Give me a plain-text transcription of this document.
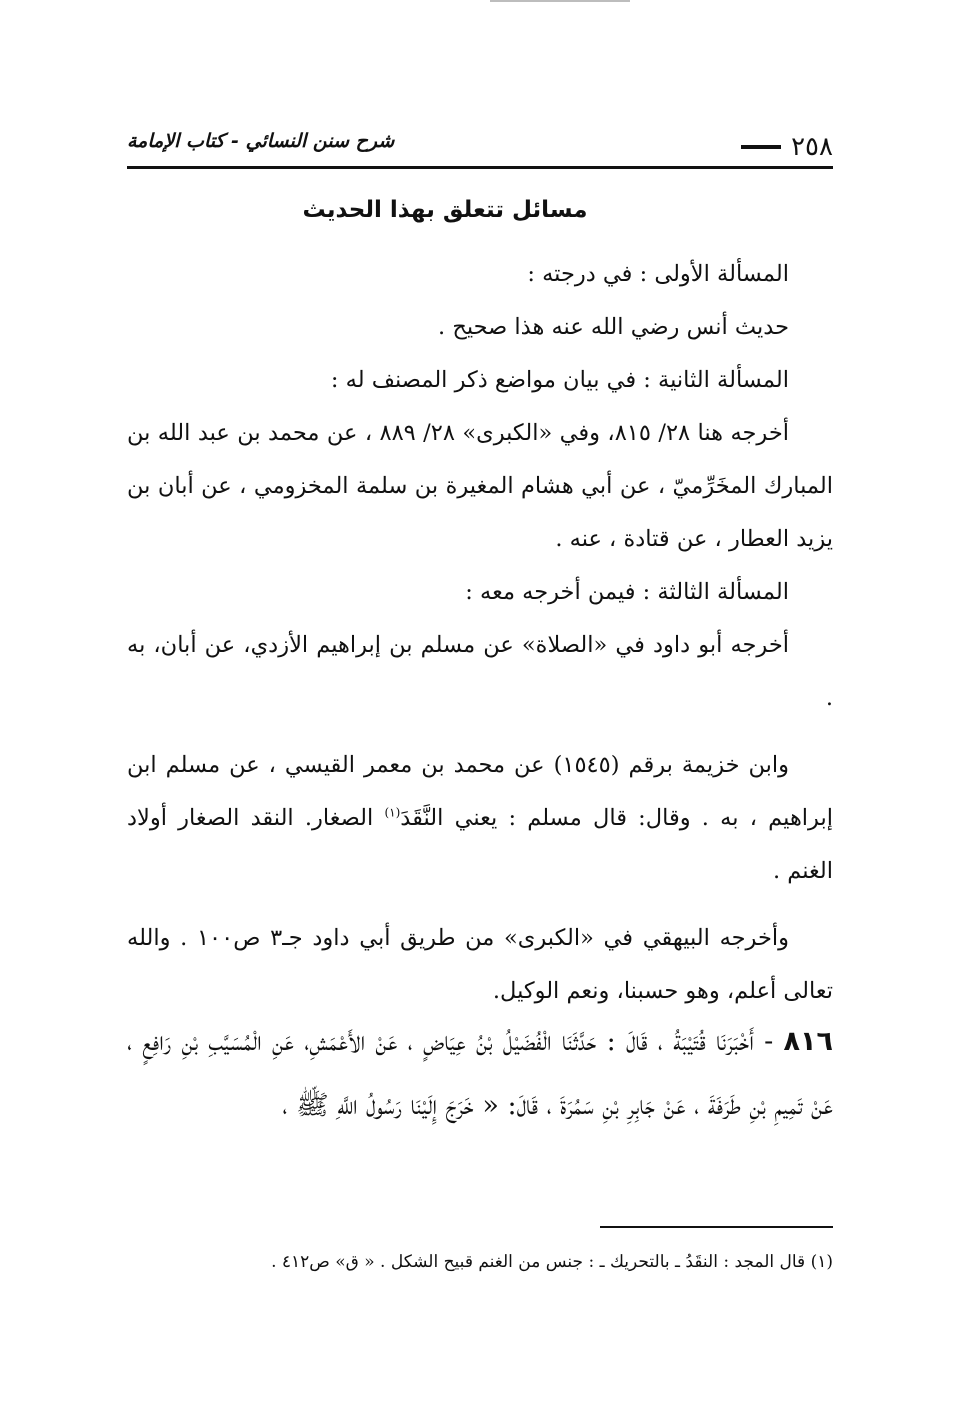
شرح سنن النسائي - كتاب الإمامة	٢٥٨
مسائل تتعلق بهذا الحديث

المسألة الأولى : في درجته :

حديث أنس رضي الله عنه هذا صحيح .

المسألة الثانية : في بيان مواضع ذكر المصنف له :

أخرجه هنا ٢٨/ ٨١٥، وفي «الكبرى» ٢٨/ ٨٨٩ ، عن محمد بن عبد الله بن المبارك المخَرِّميّ ، عن أبي هشام المغيرة بن سلمة المخزومي ، عن أبان بن يزيد العطار ، عن قتادة ، عنه .

المسألة الثالثة : فيمن أخرجه معه :

أخرجه أبو داود في «الصلاة» عن مسلم بن إبراهيم الأزدي، عن أبان، به .

وابن خزيمة برقم (١٥٤٥) عن محمد بن معمر القيسي ، عن مسلم ابن إبراهيم ، به . وقال: قال مسلم : يعني النَّقَدَ$^{(١)}$ الصغار. النقد الصغار أولاد الغنم .

وأخرجه البيهقي في «الكبرى» من طريق أبي داود جـ٣ ص١٠٠ . والله تعالى أعلم، وهو حسبنا، ونعم الوكيل.

٨١٦ - أَخْبَرَنَا قُتَيْبَةُ ، قَالَ : حَدَّثَنَا الْفُضَيْلُ بْنُ عِيَاضٍ ، عَنْ الأَعْمَشِ، عَنِ الْمُسَيَّبِ بْنِ رَافِعٍ ، عَنْ تَمِيمِ بْنِ طَرَفَةَ ، عَنْ جَابِرِ بْنِ سَمُرَةَ ، قَالَ: « خَرَجَ إِلَيْنَا رَسُولُ اللَّهِ ﷺ ،

(١) قال المجد : النقَدُ ـ بالتحريك ـ : جنس من الغنم قبيح الشكل . « ق» ص٤١٢ .
